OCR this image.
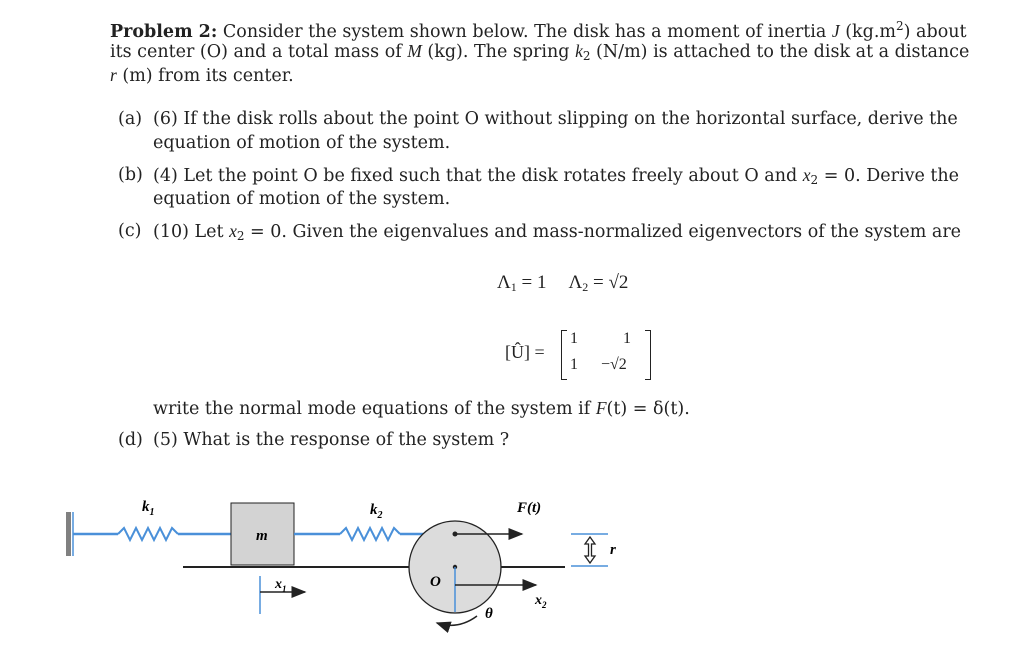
Problem 2: Consider the system shown below. The disk has a moment of inertia J $(kg.m^2)$ about

its center (O) and a total mass of M (kg). The spring $k_2$ (N/m) is attached to the disk at a distance

r (m) from its center.

(a) (6) If the disk rolls about the point O without slipping on the horizontal surface, derive the
equation of motion of the system.
(b) (4) Let the point O be fixed such that the disk rotates freely about O and $x_2 = 0$. Derive the

equation of motion of the system.
(c) (10) Let $x_2 = 0$. Given the eigenvalues and mass-normalized eigenvectors of the system are

$\Lambda_1 = 1$ $\Lambda_2 = √2$

[Û] =
1	1
1 −√2

write the normal mode equations of the system if F(t) = δ(t).

(d) (5) What is the response of the system ?
$k_1$	$k_2$
m
$x_1$
F(t)
O
θ
$x_2$
r
